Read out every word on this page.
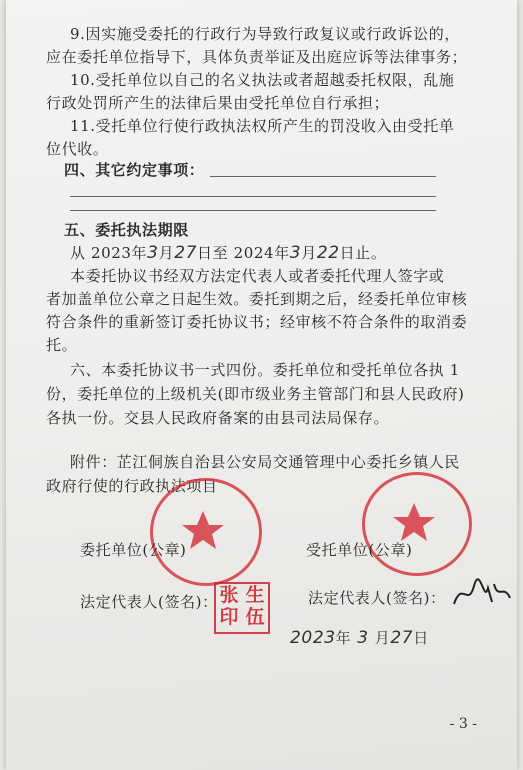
9.因实施受委托的行政行为导致行政复议或行政诉讼的，
应在委托单位指导下，具体负责举证及出庭应诉等法律事务；
10.受托单位以自己的名义执法或者超越委托权限，乱施
行政处罚所产生的法律后果由受托单位自行承担；
11.受托单位行使行政执法权所产生的罚没收入由受托单
位代收。
四、其它约定事项：
五、委托执法期限
从 2023年3月27日至 2024年3月22日止。
本委托协议书经双方法定代表人或者委托代理人签字或
者加盖单位公章之日起生效。委托到期之后，经委托单位审核
符合条件的重新签订委托协议书；经审核不符合条件的取消委
托。
六、本委托协议书一式四份。委托单位和受托单位各执 1
份，委托单位的上级机关(即市级业务主管部门和县人民政府)
各执一份。交县人民政府备案的由县司法局保存。
附件：芷江侗族自治县公安局交通管理中心委托乡镇人民
政府行使的行政执法项目
委托单位(公章)	受托单位(公章)
法定代表人(签名)： 张 生
印 伍
法定代表人(签名)：
2023年 3 月27日
- 3 -
